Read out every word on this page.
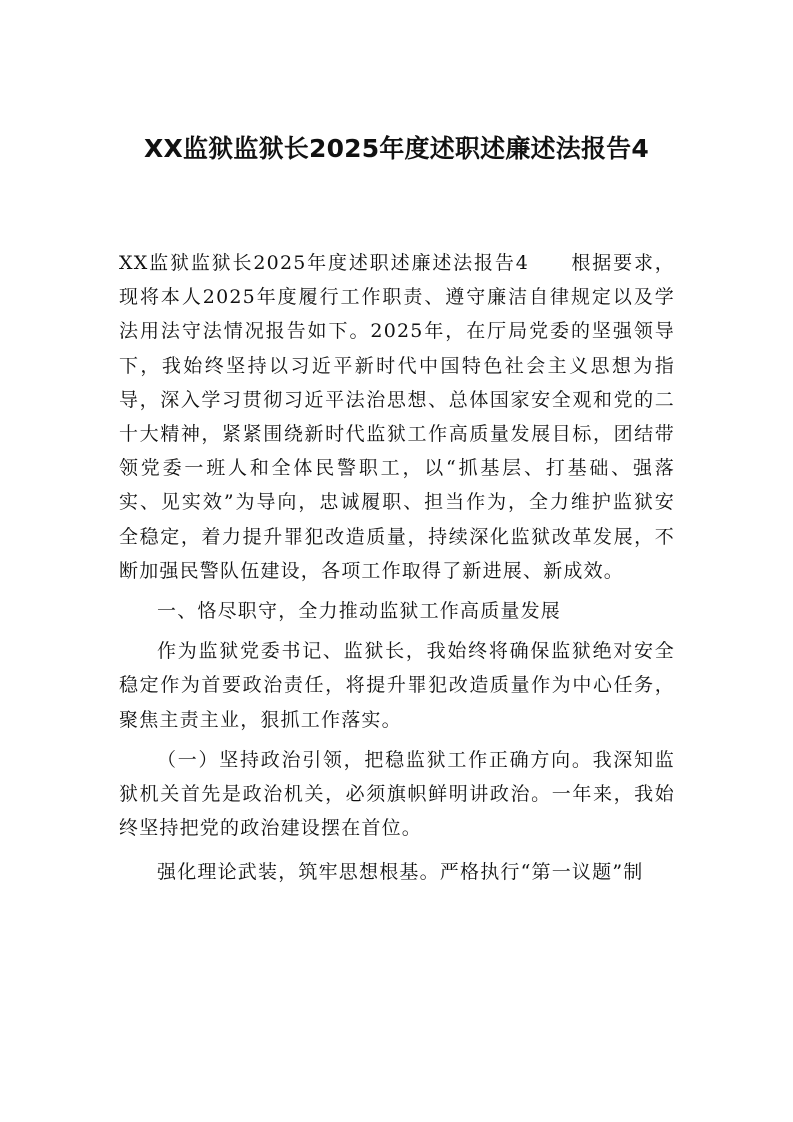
XX监狱监狱长2025年度述职述廉述法报告4

XX监狱监狱长2025年度述职述廉述法报告4　　根据要求，现将本人2025年度履行工作职责、遵守廉洁自律规定以及学法用法守法情况报告如下。2025年，在厅局党委的坚强领导下，我始终坚持以习近平新时代中国特色社会主义思想为指导，深入学习贯彻习近平法治思想、总体国家安全观和党的二十大精神，紧紧围绕新时代监狱工作高质量发展目标，团结带领党委一班人和全体民警职工，以“抓基层、打基础、强落实、见实效”为导向，忠诚履职、担当作为，全力维护监狱安全稳定，着力提升罪犯改造质量，持续深化监狱改革发展，不断加强民警队伍建设，各项工作取得了新进展、新成效。

一、恪尽职守，全力推动监狱工作高质量发展

作为监狱党委书记、监狱长，我始终将确保监狱绝对安全稳定作为首要政治责任，将提升罪犯改造质量作为中心任务，聚焦主责主业，狠抓工作落实。

（一）坚持政治引领，把稳监狱工作正确方向。我深知监狱机关首先是政治机关，必须旗帜鲜明讲政治。一年来，我始终坚持把党的政治建设摆在首位。

强化理论武装，筑牢思想根基。严格执行“第一议题”制
